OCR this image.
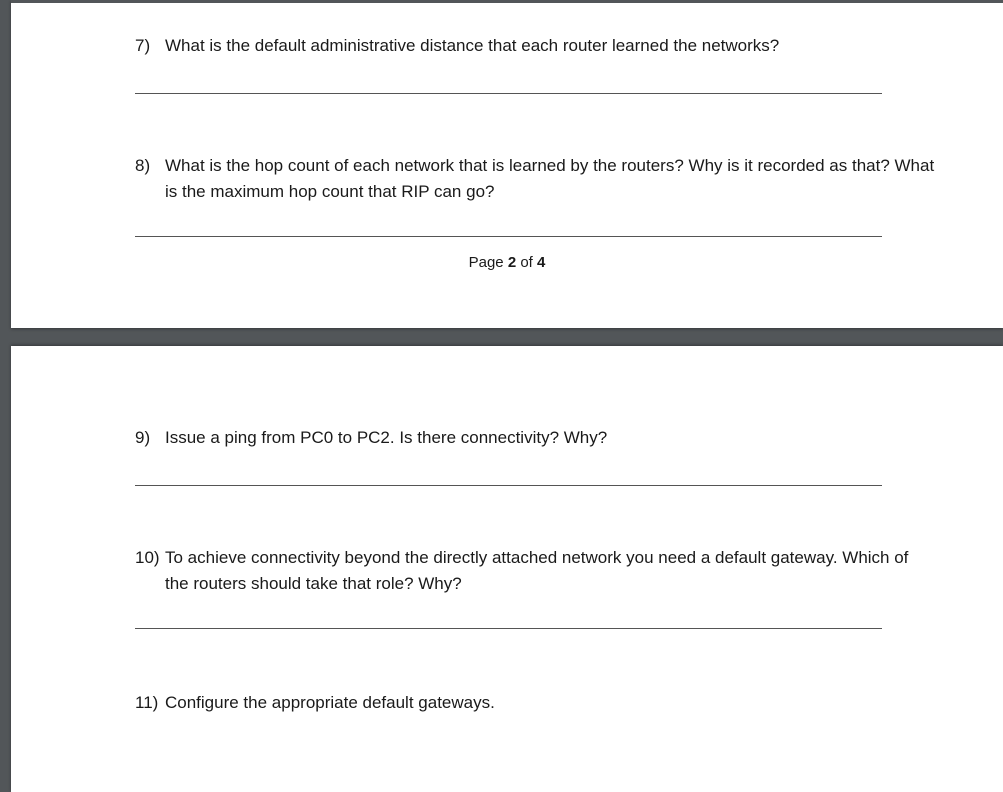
7) What is the default administrative distance that each router learned the networks?
8) What is the hop count of each network that is learned by the routers? Why is it recorded as that? What is the maximum hop count that RIP can go?
Page 2 of 4
9) Issue a ping from PC0 to PC2. Is there connectivity? Why?
10) To achieve connectivity beyond the directly attached network you need a default gateway. Which of the routers should take that role? Why?
11) Configure the appropriate default gateways.
